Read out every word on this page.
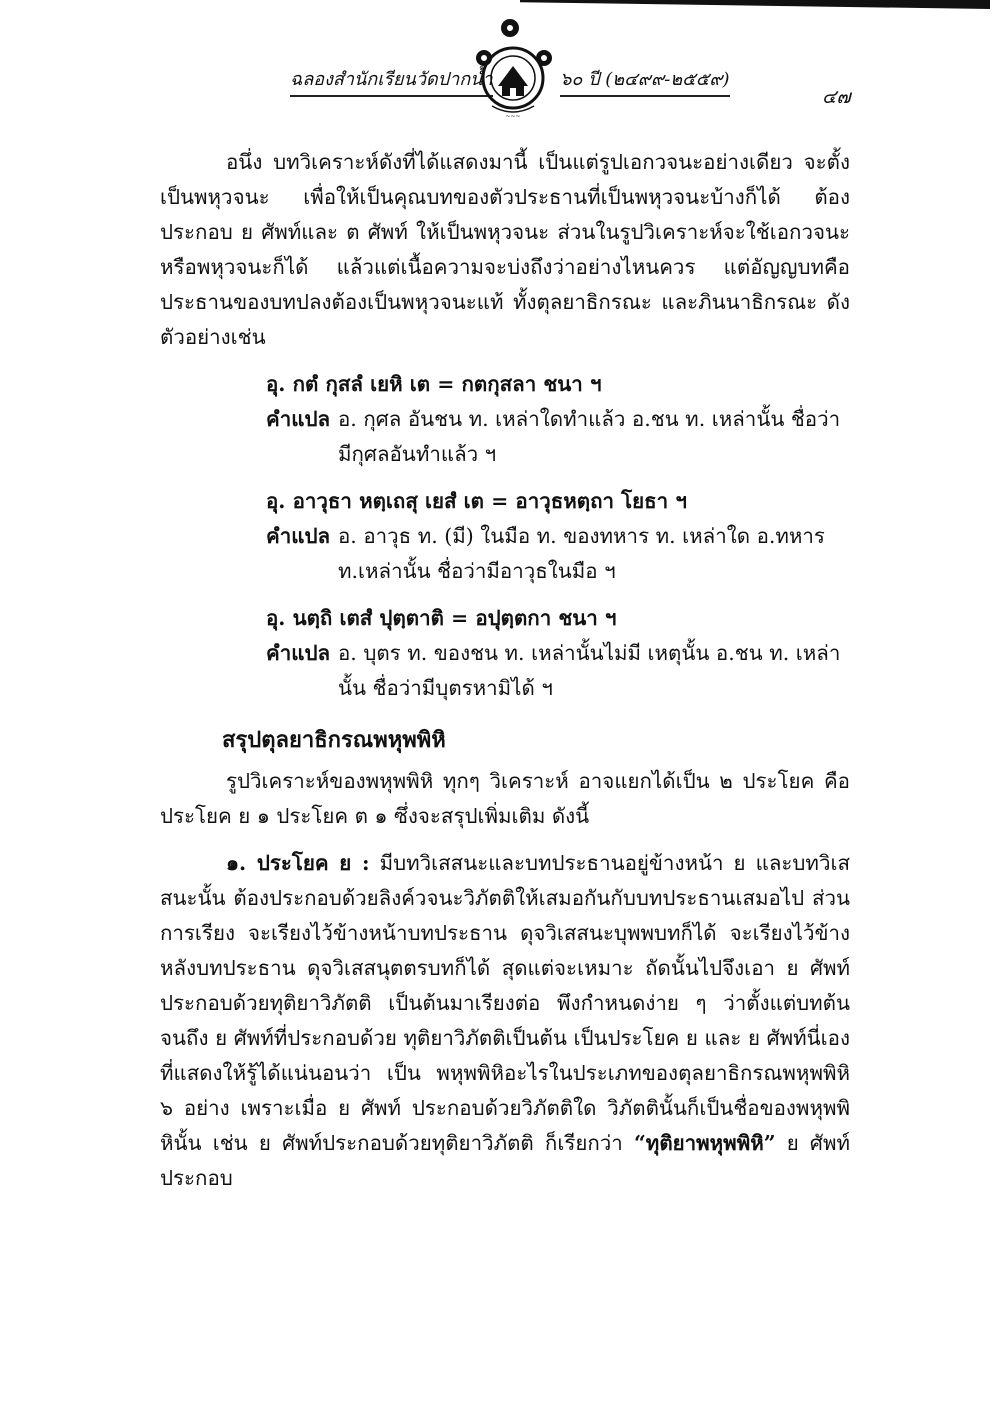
ฉลองสำนักเรียนวัดปากน้ำ
~~~
๖๐ ปี (๒๔๙๙-๒๕๕๙)
๔๗

อนึ่ง บทวิเคราะห์ดังที่ได้แสดงมานี้ เป็นแต่รูปเอกวจนะอย่างเดียว จะตั้งเป็นพหุวจนะ เพื่อให้เป็นคุณบทของตัวประธานที่เป็นพหุวจนะบ้างก็ได้ ต้องประกอบ ย ศัพท์และ ต ศัพท์ ให้เป็นพหุวจนะ ส่วนในรูปวิเคราะห์จะใช้เอกวจนะ หรือพหุวจนะก็ได้ แล้วแต่เนื้อความจะบ่งถึงว่าอย่างไหนควร แต่อัญญบทคือประธานของบทปลงต้องเป็นพหุวจนะแท้ ทั้งตุลยาธิกรณะ และภินนาธิกรณะ ดังตัวอย่างเช่น

อุ. กตํ กุสลํ เยหิ เต = กตกุสลา ชนา ฯ

คำแปล อ. กุศล อันชน ท. เหล่าใดทำแล้ว อ.ชน ท. เหล่านั้น ชื่อว่ามีกุศลอันทำแล้ว ฯ

อุ. อาวุธา หตฺเถสุ เยสํ เต = อาวุธหตฺถา โยธา ฯ

คำแปล อ. อาวุธ ท. (มี) ในมือ ท. ของทหาร ท. เหล่าใด อ.ทหาร ท.เหล่านั้น ชื่อว่ามีอาวุธในมือ ฯ

อุ. นตฺถิ เตสํ ปุตฺตาติ = อปุตฺตกา ชนา ฯ

คำแปล อ. บุตร ท. ของชน ท. เหล่านั้นไม่มี เหตุนั้น อ.ชน ท. เหล่านั้น ชื่อว่ามีบุตรหามิได้ ฯ
สรุปตุลยาธิกรณพหุพพิหิ

รูปวิเคราะห์ของพหุพพิหิ ทุกๆ วิเคราะห์ อาจแยกได้เป็น ๒ ประโยค คือ ประโยค ย ๑ ประโยค ต ๑ ซึ่งจะสรุปเพิ่มเติม ดังนี้

๑. ประโยค ย : มีบทวิเสสนะและบทประธานอยู่ข้างหน้า ย และบทวิเสสนะนั้น ต้องประกอบด้วยลิงค์วจนะวิภัตติให้เสมอกันกับบทประธานเสมอไป ส่วนการเรียง จะเรียงไว้ข้างหน้าบทประธาน ดุจวิเสสนะบุพพบทก็ได้ จะเรียงไว้ข้างหลังบทประธาน ดุจวิเสสนุตตรบทก็ได้ สุดแต่จะเหมาะ ถัดนั้นไปจึงเอา ย ศัพท์ประกอบด้วยทุติยาวิภัตติ เป็นต้นมาเรียงต่อ พึงกำหนดง่าย ๆ ว่าตั้งแต่บทต้นจนถึง ย ศัพท์ที่ประกอบด้วย ทุติยาวิภัตติเป็นต้น เป็นประโยค ย และ ย ศัพท์นี่เอง ที่แสดงให้รู้ได้แน่นอนว่า เป็น พหุพพิหิอะไรในประเภทของตุลยาธิกรณพหุพพิหิ ๖ อย่าง เพราะเมื่อ ย ศัพท์ ประกอบด้วยวิภัตติใด วิภัตตินั้นก็เป็นชื่อของพหุพพิหินั้น เช่น ย ศัพท์ประกอบด้วยทุติยาวิภัตติ ก็เรียกว่า “ทุติยาพหุพพิหิ” ย ศัพท์ประกอบ
